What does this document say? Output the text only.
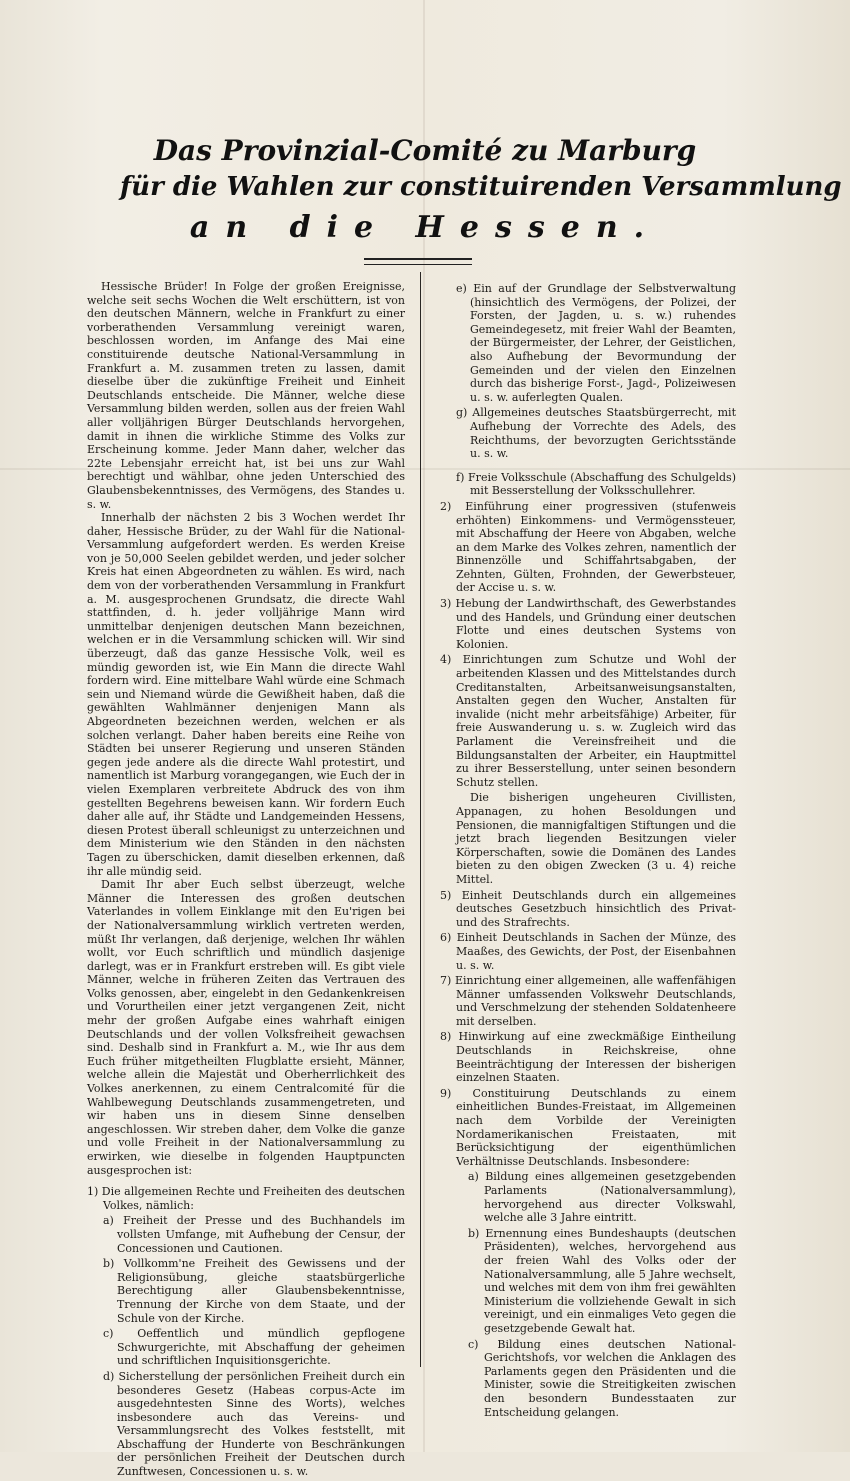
Das Provinzial-Comité zu Marburg
für die Wahlen zur constituirenden Versammlung
an die Hessen.

Hessische Brüder! In Folge der großen Ereignisse, welche seit sechs Wochen die Welt erschüttern, ist von den deutschen Männern, welche in Frankfurt zu einer vorberathenden Versammlung vereinigt waren, beschlossen worden, im Anfange des Mai eine constituirende deutsche National-Versammlung in Frankfurt a. M. zusammen treten zu lassen, damit dieselbe über die zukünftige Freiheit und Einheit Deutschlands entscheide. Die Männer, welche diese Versammlung bilden werden, sollen aus der freien Wahl aller volljährigen Bürger Deutschlands hervorgehen, damit in ihnen die wirkliche Stimme des Volks zur Erscheinung komme. Jeder Mann daher, welcher das 22te Lebensjahr erreicht hat, ist bei uns zur Wahl berechtigt und wählbar, ohne jeden Unterschied des Glaubensbekenntnisses, des Vermögens, des Standes u. s. w.

Innerhalb der nächsten 2 bis 3 Wochen werdet Ihr daher, Hessische Brüder, zu der Wahl für die National-Versammlung aufgefordert werden. Es werden Kreise von je 50,000 Seelen gebildet werden, und jeder solcher Kreis hat einen Abgeordneten zu wählen. Es wird, nach dem von der vorberathenden Versammlung in Frankfurt a. M. ausgesprochenen Grundsatz, die directe Wahl stattfinden, d. h. jeder volljährige Mann wird unmittelbar denjenigen deutschen Mann bezeichnen, welchen er in die Versammlung schicken will. Wir sind überzeugt, daß das ganze Hessische Volk, weil es mündig geworden ist, wie Ein Mann die directe Wahl fordern wird. Eine mittelbare Wahl würde eine Schmach sein und Niemand würde die Gewißheit haben, daß die gewählten Wahlmänner denjenigen Mann als Abgeordneten bezeichnen werden, welchen er als solchen verlangt. Daher haben bereits eine Reihe von Städten bei unserer Regierung und unseren Ständen gegen jede andere als die directe Wahl protestirt, und namentlich ist Marburg vorangegangen, wie Euch der in vielen Exemplaren verbreitete Abdruck des von ihm gestellten Begehrens beweisen kann. Wir fordern Euch daher alle auf, ihr Städte und Landgemeinden Hessens, diesen Protest überall schleunigst zu unterzeichnen und dem Ministerium wie den Ständen in den nächsten Tagen zu überschicken, damit dieselben erkennen, daß ihr alle mündig seid.

Damit Ihr aber Euch selbst überzeugt, welche Männer die Interessen des großen deutschen Vaterlandes in vollem Einklange mit den Eu'rigen bei der Nationalversammlung wirklich vertreten werden, müßt Ihr verlangen, daß derjenige, welchen Ihr wählen wollt, vor Euch schriftlich und mündlich dasjenige darlegt, was er in Frankfurt erstreben will. Es gibt viele Männer, welche in früheren Zeiten das Vertrauen des Volks genossen, aber, eingelebt in den Gedankenkreisen und Vorurtheilen einer jetzt vergangenen Zeit, nicht mehr der großen Aufgabe eines wahrhaft einigen Deutschlands und der vollen Volksfreiheit gewachsen sind. Deshalb sind in Frankfurt a. M., wie Ihr aus dem Euch früher mitgetheilten Flugblatte ersieht, Männer, welche allein die Majestät und Oberherrlichkeit des Volkes anerkennen, zu einem Centralcomité für die Wahlbewegung Deutschlands zusammengetreten, und wir haben uns in diesem Sinne denselben angeschlossen. Wir streben daher, dem Volke die ganze und volle Freiheit in der Nationalversammlung zu erwirken, wie dieselbe in folgenden Hauptpuncten ausgesprochen ist:

1) Die allgemeinen Rechte und Freiheiten des deutschen Volkes, nämlich:

a) Freiheit der Presse und des Buchhandels im vollsten Umfange, mit Aufhebung der Censur, der Concessionen und Cautionen.

b) Vollkomm'ne Freiheit des Gewissens und der Religionsübung, gleiche staatsbürgerliche Berechtigung aller Glaubensbekenntnisse, Trennung der Kirche von dem Staate, und der Schule von der Kirche.

c) Oeffentlich und mündlich gepflogene Schwurgerichte, mit Abschaffung der geheimen und schriftlichen Inquisitionsgerichte.

d) Sicherstellung der persönlichen Freiheit durch ein besonderes Gesetz (Habeas corpus-Acte im ausgedehntesten Sinne des Worts), welches insbesondere auch das Vereins- und Versammlungsrecht des Volkes feststellt, mit Abschaffung der Hunderte von Beschränkungen der persönlichen Freiheit der Deutschen durch Zunftwesen, Concessionen u. s. w.

e) Ein auf der Grundlage der Selbstverwaltung (hinsichtlich des Vermögens, der Polizei, der Forsten, der Jagden, u. s. w.) ruhendes Gemeindegesetz, mit freier Wahl der Beamten, der Bürgermeister, der Lehrer, der Geistlichen, also Aufhebung der Bevormundung der Gemeinden und der vielen den Einzelnen durch das bisherige Forst-, Jagd-, Polizeiwesen u. s. w. auferlegten Qualen.

g) Allgemeines deutsches Staatsbürgerrecht, mit Aufhebung der Vorrechte des Adels, des Reichthums, der bevorzugten Gerichtsstände u. s. w.

f) Freie Volksschule (Abschaffung des Schulgelds) mit Besserstellung der Volksschullehrer.

2) Einführung einer progressiven (stufenweis erhöhten) Einkommens- und Vermögenssteuer, mit Abschaffung der Heere von Abgaben, welche an dem Marke des Volkes zehren, namentlich der Binnenzölle und Schiffahrtsabgaben, der Zehnten, Gülten, Frohnden, der Gewerbsteuer, der Accise u. s. w.

3) Hebung der Landwirthschaft, des Gewerbstandes und des Handels, und Gründung einer deutschen Flotte und eines deutschen Systems von Kolonien.

4) Einrichtungen zum Schutze und Wohl der arbeitenden Klassen und des Mittelstandes durch Creditanstalten, Arbeitsanweisungsanstalten, Anstalten gegen den Wucher, Anstalten für invalide (nicht mehr arbeitsfähige) Arbeiter, für freie Auswanderung u. s. w. Zugleich wird das Parlament die Vereinsfreiheit und die Bildungsanstalten der Arbeiter, ein Hauptmittel zu ihrer Besserstellung, unter seinen besondern Schutz stellen.

Die bisherigen ungeheuren Civillisten, Appanagen, zu hohen Besoldungen und Pensionen, die mannigfaltigen Stiftungen und die jetzt brach liegenden Besitzungen vieler Körperschaften, sowie die Domänen des Landes bieten zu den obigen Zwecken (3 u. 4) reiche Mittel.

5) Einheit Deutschlands durch ein allgemeines deutsches Gesetzbuch hinsichtlich des Privat- und des Strafrechts.

6) Einheit Deutschlands in Sachen der Münze, des Maaßes, des Gewichts, der Post, der Eisenbahnen u. s. w.

7) Einrichtung einer allgemeinen, alle waffenfähigen Männer umfassenden Volkswehr Deutschlands, und Verschmelzung der stehenden Soldatenheere mit derselben.

8) Hinwirkung auf eine zweckmäßige Eintheilung Deutschlands in Reichskreise, ohne Beeinträchtigung der Interessen der bisherigen einzelnen Staaten.

9) Constituirung Deutschlands zu einem einheitlichen Bundes-Freistaat, im Allgemeinen nach dem Vorbilde der Vereinigten Nordamerikanischen Freistaaten, mit Berücksichtigung der eigenthümlichen Verhältnisse Deutschlands. Insbesondere:

a) Bildung eines allgemeinen gesetzgebenden Parlaments (Nationalversammlung), hervorgehend aus directer Volkswahl, welche alle 3 Jahre eintritt.

b) Ernennung eines Bundeshaupts (deutschen Präsidenten), welches, hervorgehend aus der freien Wahl des Volks oder der Nationalversammlung, alle 5 Jahre wechselt, und welches mit dem von ihm frei gewählten Ministerium die vollziehende Gewalt in sich vereinigt, und ein einmaliges Veto gegen die gesetzgebende Gewalt hat.

c) Bildung eines deutschen National-Gerichtshofs, vor welchen die Anklagen des Parlaments gegen den Präsidenten und die Minister, sowie die Streitigkeiten zwischen den besondern Bundesstaaten zur Entscheidung gelangen.
